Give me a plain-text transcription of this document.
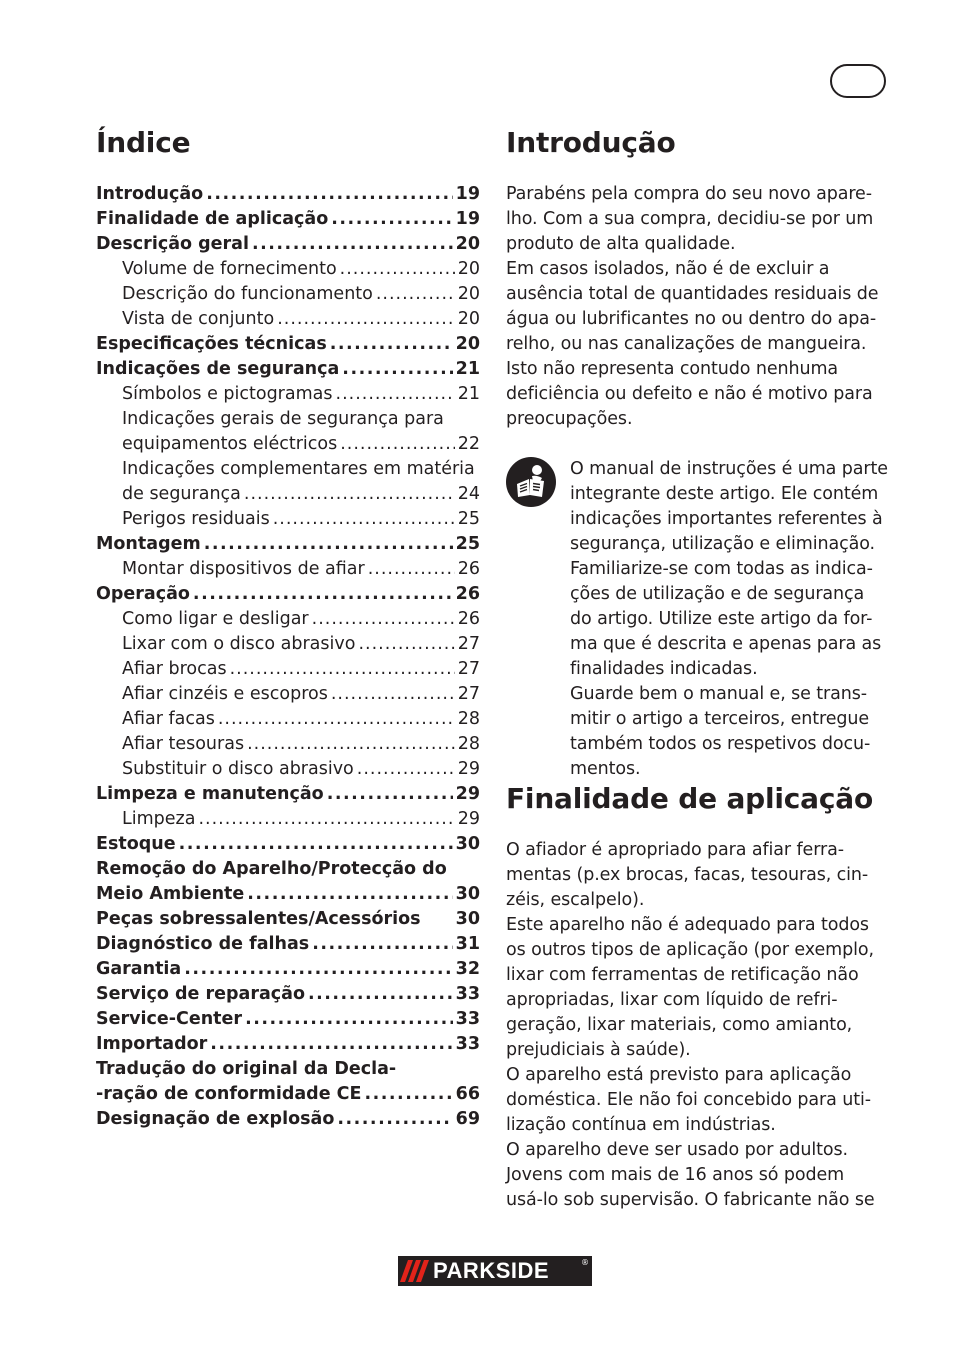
Índice
Introdução .....	19
Finalidade de aplicação .....	19
Descrição geral .....	20
Volume de fornecimento .....	20
Descrição do funcionamento .....	20
Vista de conjunto .....	20
Especificações técnicas .....	20
Indicações de segurança .....	21
Símbolos e pictogramas .....	21
Indicações gerais de segurança para
equipamentos eléctricos .....	22
Indicações complementares em matéria
de segurança .....	24
Perigos residuais .....	25
Montagem .....	25
Montar dispositivos de afiar .....	26
Operação .....	26
Como ligar e desligar .....	26
Lixar com o disco abrasivo .....	27
Afiar brocas .....	27
Afiar cinzéis e escopros .....	27
Afiar facas .....	28
Afiar tesouras .....	28
Substituir o disco abrasivo .....	29
Limpeza e manutenção .....	29
Limpeza .....	29
Estoque .....	30
Remoção do Aparelho/Protecção do
Meio Ambiente .....	30
Peças sobressalentes/Acessórios 30
Diagnóstico de falhas .....	31
Garantia .....	32
Serviço de reparação .....	33
Service-Center .....	33
Importador .....	33
Tradução do original da Decla-
-ração de conformidade CE .....	66
Designação de explosão .....	69
Introdução

Parabéns pela compra do seu novo apare-
lho. Com a sua compra, decidiu-se por um
produto de alta qualidade.
Em casos isolados, não é de excluir a
ausência total de quantidades residuais de
água ou lubrificantes no ou dentro do apa-
relho, ou nas canalizações de mangueira.
Isto não representa contudo nenhuma
deficiência ou defeito e não é motivo para
preocupações.

O manual de instruções é uma parte
integrante deste artigo. Ele contém
indicações importantes referentes à
segurança, utilização e eliminação.
Familiarize-se com todas as indica-
ções de utilização e de segurança
do artigo. Utilize este artigo da for-
ma que é descrita e apenas para as
finalidades indicadas.
Guarde bem o manual e, se trans-
mitir o artigo a terceiros, entregue
também todos os respetivos docu-
mentos.

Finalidade de aplicação

O afiador é apropriado para afiar ferra-
mentas (p.ex brocas, facas, tesouras, cin-
zéis, escalpelo).
Este aparelho não é adequado para todos
os outros tipos de aplicação (por exemplo,
lixar com ferramentas de retificação não
apropriadas, lixar com líquido de refri-
geração, lixar materiais, como amianto,
prejudiciais à saúde).
O aparelho está previsto para aplicação
doméstica. Ele não foi concebido para uti-
lização contínua em indústrias.
O aparelho deve ser usado por adultos.
Jovens com mais de 16 anos só podem
usá-lo sob supervisão. O fabricante não se

PARKSIDE	®
